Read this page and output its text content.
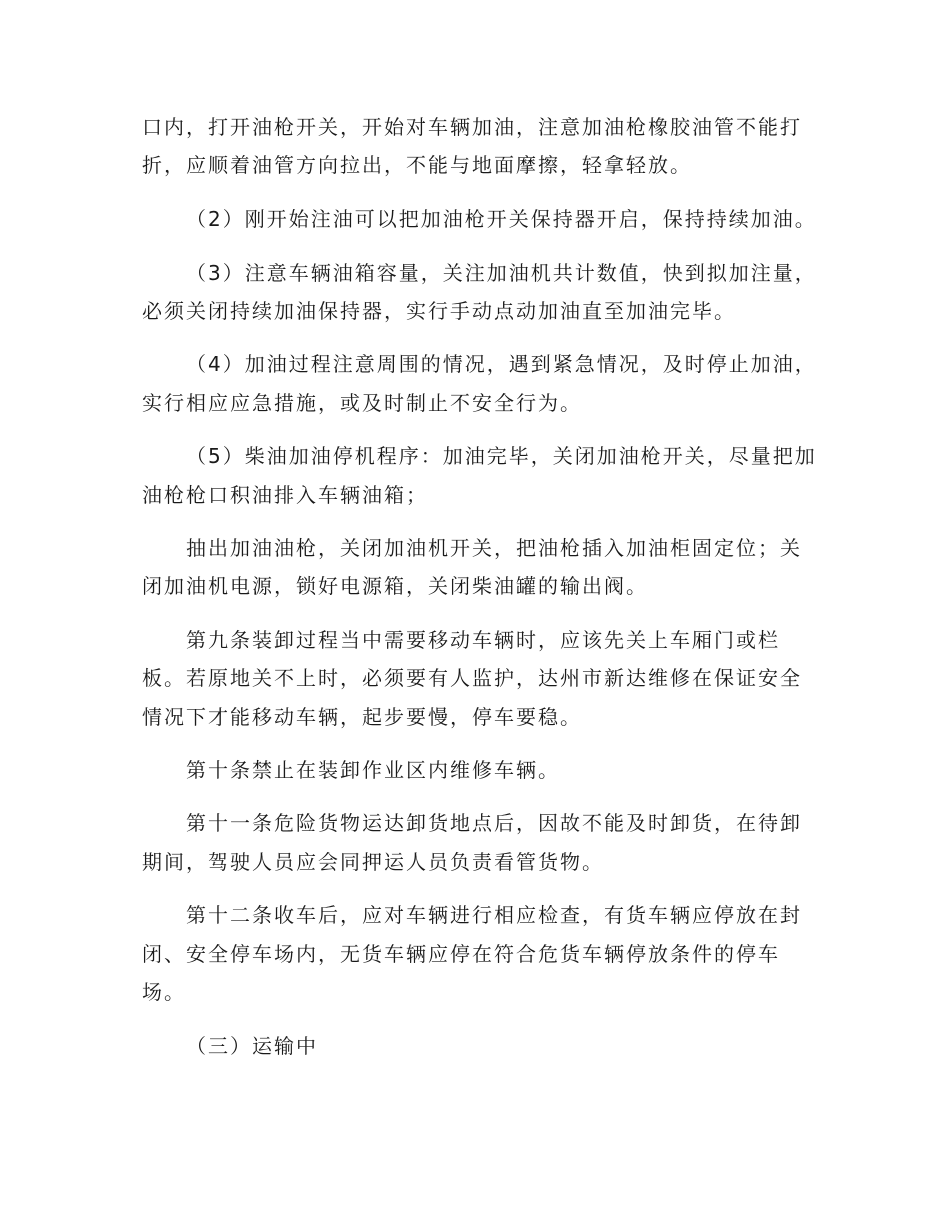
口内，打开油枪开关，开始对车辆加油，注意加油枪橡胶油管不能打
折，应顺着油管方向拉出，不能与地面摩擦，轻拿轻放。
（2）刚开始注油可以把加油枪开关保持器开启，保持持续加油。
（3）注意车辆油箱容量，关注加油机共计数值，快到拟加注量，
必须关闭持续加油保持器，实行手动点动加油直至加油完毕。
（4）加油过程注意周围的情况，遇到紧急情况，及时停止加油，
实行相应应急措施，或及时制止不安全行为。
（5）柴油加油停机程序：加油完毕，关闭加油枪开关，尽量把加
油枪枪口积油排入车辆油箱；
抽出加油油枪，关闭加油机开关，把油枪插入加油柜固定位；关
闭加油机电源，锁好电源箱，关闭柴油罐的输出阀。
第九条装卸过程当中需要移动车辆时，应该先关上车厢门或栏
板。若原地关不上时，必须要有人监护，达州市新达维修在保证安全
情况下才能移动车辆，起步要慢，停车要稳。
第十条禁止在装卸作业区内维修车辆。
第十一条危险货物运达卸货地点后，因故不能及时卸货，在待卸
期间，驾驶人员应会同押运人员负责看管货物。
第十二条收车后，应对车辆进行相应检查，有货车辆应停放在封
闭、安全停车场内，无货车辆应停在符合危货车辆停放条件的停车
场。
（三）运输中
